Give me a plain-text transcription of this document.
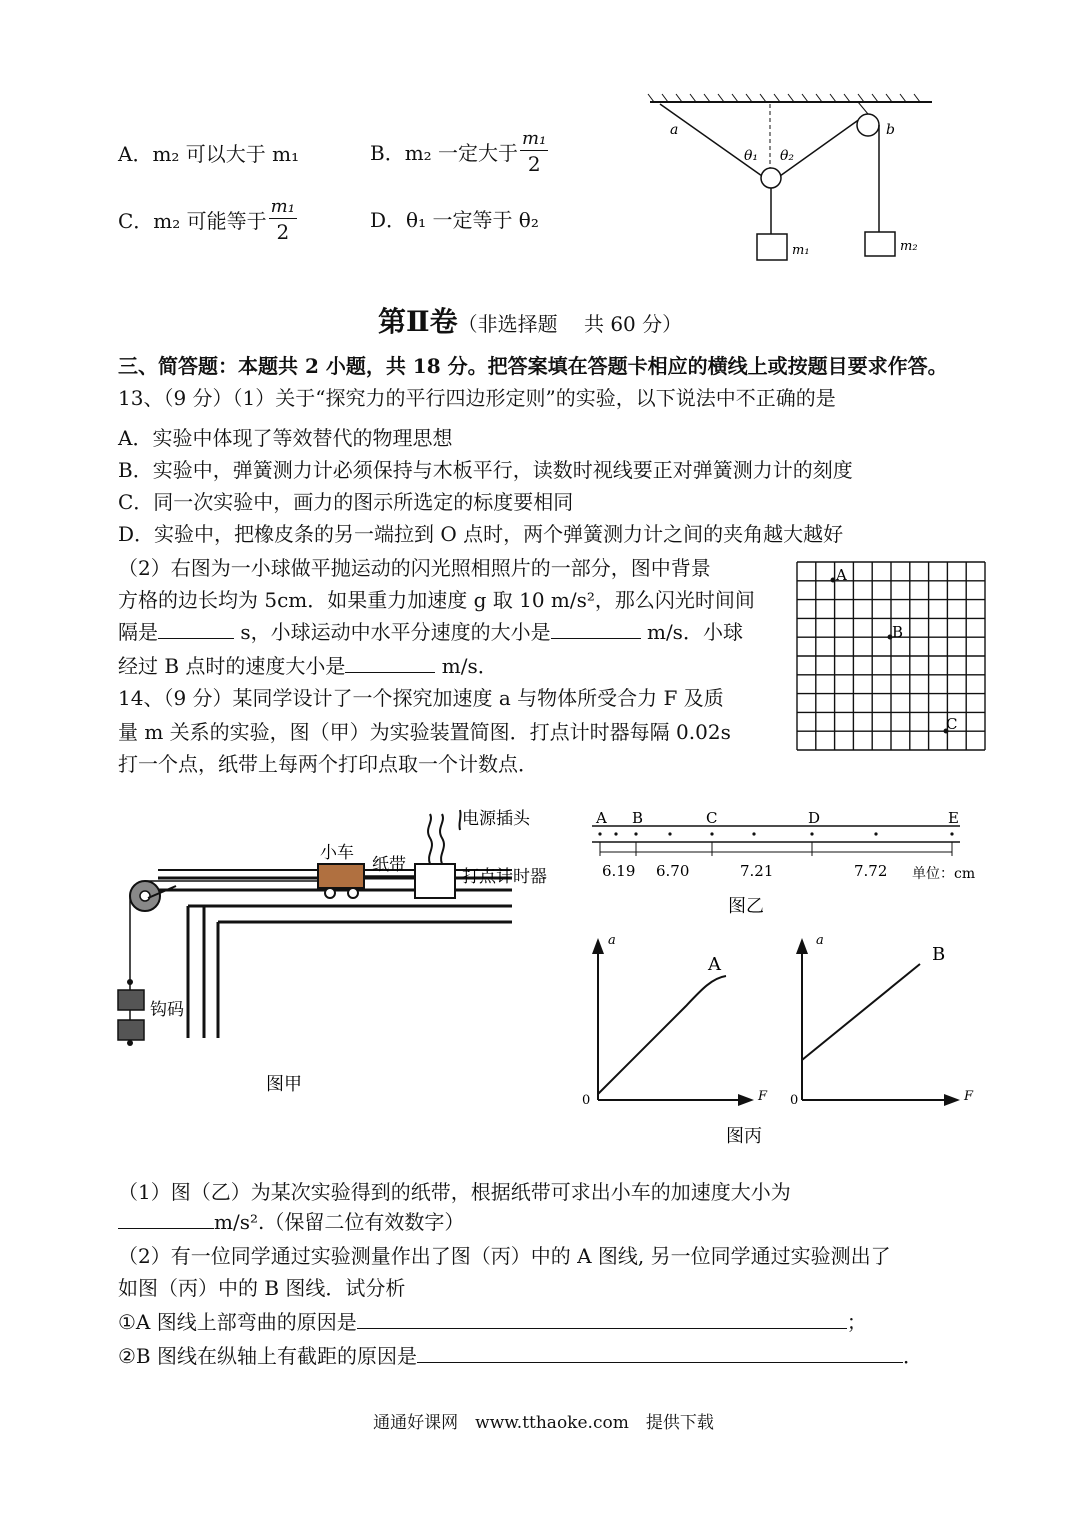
A．m₂ 可以大于 m₁	B．m₂ 一定大于 $\frac{\text{m₁}}{2}$
C．m₂ 可能等于 $\frac{\text{m₁}}{2}$	D．θ₁ 一定等于 θ₂
a	b
θ₁ θ₂
m₁	m₂
第Ⅱ卷（非选择题　 共 60 分）
三、简答题：本题共 2 小题，共 18 分。把答案填在答题卡相应的横线上或按题目要求作答。
13、（9 分）（1）关于“探究力的平行四边形定则”的实验，以下说法中不正确的是
A．实验中体现了等效替代的物理思想
B．实验中，弹簧测力计必须保持与木板平行，读数时视线要正对弹簧测力计的刻度
C．同一次实验中，画力的图示所选定的标度要相同
D．实验中，把橡皮条的另一端拉到 O 点时，两个弹簧测力计之间的夹角越大越好
（2）右图为一小球做平抛运动的闪光照相照片的一部分，图中背景
方格的边长均为 5cm．如果重力加速度 g 取 10 m/s²，那么闪光时间间
隔是	s，小球运动中水平分速度的大小是	m/s．小球
经过 B 点时的速度大小是	m/s．
A
B
C
14、（9 分）某同学设计了一个探究加速度 a 与物体所受合力 F 及质
量 m 关系的实验，图（甲）为实验装置简图．打点计时器每隔 0.02s
打一个点，纸带上每两个打印点取一个计数点．
小车
纸带
电源插头
打点计时器
钩码
图甲
A B	C	D	E
6.19 6.70	7.21	7.72 单位：cm
图乙
a
F
0
A
a
F
0
B
图丙
（1）图（乙）为某次实验得到的纸带，根据纸带可求出小车的加速度大小为
m/s².（保留二位有效数字）
（2）有一位同学通过实验测量作出了图（丙）中的 A 图线, 另一位同学通过实验测出了
如图（丙）中的 B 图线．试分析
①A 图线上部弯曲的原因是	；
②B 图线在纵轴上有截距的原因是	．
通通好课网　www.tthaoke.com　提供下载
